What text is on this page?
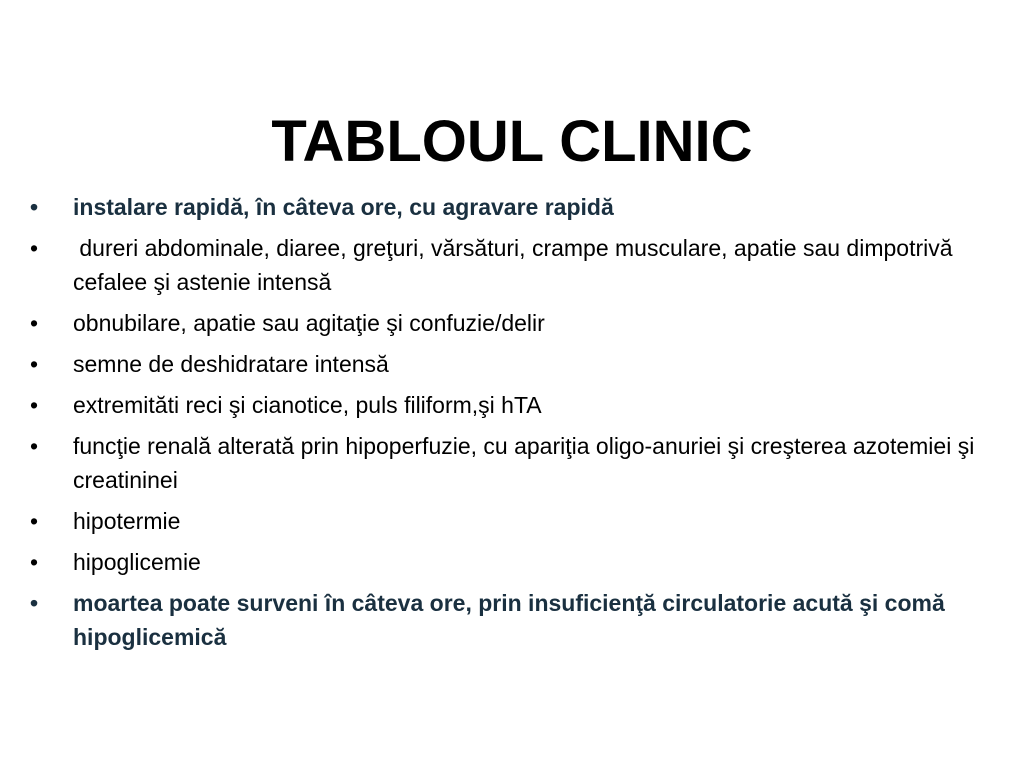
TABLOUL CLINIC
•	instalare rapidă, în câteva ore, cu agravare rapidă
•	dureri abdominale, diaree, greţuri, vărsături, crampe musculare, apatie sau dimpotrivă cefalee şi astenie intensă
•	obnubilare, apatie sau agitaţie şi confuzie/delir
•	semne de deshidratare intensă
•	extremităti reci şi cianotice, puls filiform,şi hTA
•	funcţie renală alterată prin hipoperfuzie, cu apariţia oligo-anuriei şi creşterea azotemiei şi creatininei
•	hipotermie
•	hipoglicemie
•	moartea poate surveni în câteva ore, prin insuficienţă circulatorie acută şi comă hipoglicemică
